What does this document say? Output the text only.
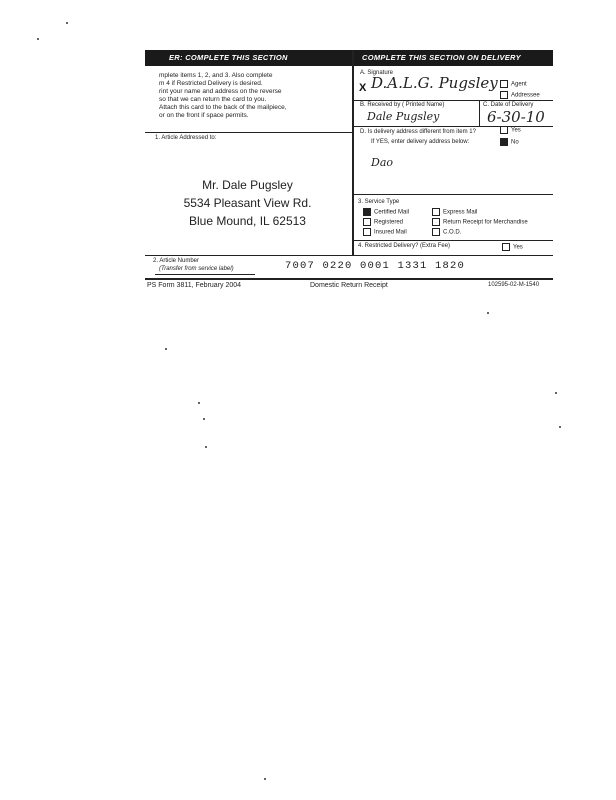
ER: COMPLETE THIS SECTION
mplete items 1, 2, and 3. Also complete
m 4 if Restricted Delivery is desired.
rint your name and address on the reverse
so that we can return the card to you.
Attach this card to the back of the mailpiece,
or on the front if space permits.
1. Article Addressed to:
Mr. Dale Pugsley
5534 Pleasant View Rd.
Blue Mound, IL 62513
COMPLETE THIS SECTION ON DELIVERY
A. Signature
X D.A.L.G. Pugsley	Agent
Addressee
B. Received by ( Printed Name)
Dale Pugsley
C. Date of Delivery
6-30-10
D. Is delivery address different from item 1?	Yes
If YES, enter delivery address below:	No
Dao
3. Service Type
Certified Mail	Express Mail
Registered	Return Receipt for Merchandise
Insured Mail	C.O.D.
4. Restricted Delivery? (Extra Fee)	Yes
2. Article Number
(Transfer from service label)	7007 0220 0001 1331 1820
PS Form 3811, February 2004	Domestic Return Receipt	102595-02-M-1540
